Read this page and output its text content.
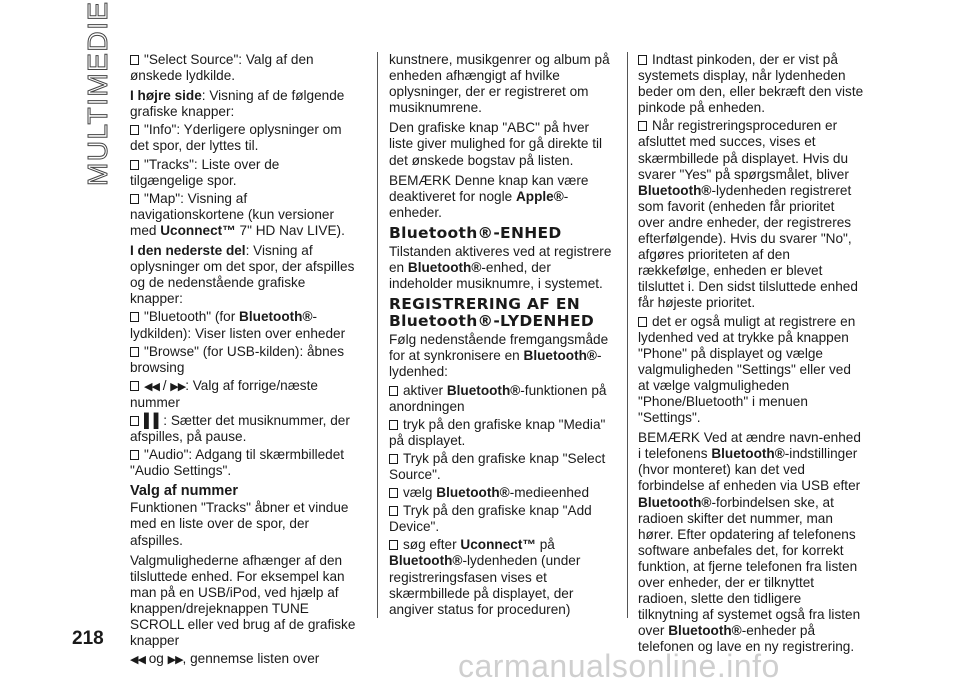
MULTIMEDIE	"Select Source": Valg af den ønskede lydkilde.

I højre side: Visning af de følgende grafiske knapper:

"Info": Yderligere oplysninger om det spor, der lyttes til.

"Tracks": Liste over de tilgængelige spor.

"Map": Visning af navigationskortene (kun versioner med Uconnect™ 7" HD Nav LIVE).

I den nederste del: Visning af oplysninger om det spor, der afspilles og de nedenstående grafiske knapper:

"Bluetooth" (for Bluetooth®-lydkilden): Viser listen over enheder

"Browse" (for USB-kilden): åbnes browsing

◀◀ / ▶▶: Valg af forrige/næste nummer

▌▌: Sætter det musiknummer, der afspilles, på pause.

"Audio": Adgang til skærmbilledet "Audio Settings".

Valg af nummer

Funktionen "Tracks" åbner et vindue med en liste over de spor, der afspilles.

Valgmulighederne afhænger af den tilsluttede enhed. For eksempel kan man på en USB/iPod, ved hjælp af knappen/drejeknappen TUNE SCROLL eller ved brug af de grafiske knapper

◀◀ og ▶▶, gennemse listen over

kunstnere, musikgenrer og album på enheden afhængigt af hvilke oplysninger, der er registreret om musiknumrene.

Den grafiske knap "ABC" på hver liste giver mulighed for gå direkte til det ønskede bogstav på listen.

BEMÆRK Denne knap kan være deaktiveret for nogle Apple®-enheder.

Bluetooth®-ENHED

Tilstanden aktiveres ved at registrere en Bluetooth®-enhed, der indeholder musiknumre, i systemet.

REGISTRERING AF EN Bluetooth®-LYDENHED

Følg nedenstående fremgangsmåde for at synkronisere en Bluetooth®-lydenhed:

aktiver Bluetooth®-funktionen på anordningen

tryk på den grafiske knap "Media" på displayet.

Tryk på den grafiske knap "Select Source".

vælg Bluetooth®-medieenhed

Tryk på den grafiske knap "Add Device".

søg efter Uconnect™ på
Bluetooth®-lydenheden (under registreringsfasen vises et skærmbillede på displayet, der angiver status for proceduren)

Indtast pinkoden, der er vist på systemets display, når lydenheden beder om den, eller bekræft den viste pinkode på enheden.

Når registreringsproceduren er afsluttet med succes, vises et skærmbillede på displayet. Hvis du svarer "Yes" på spørgsmålet, bliver Bluetooth®-lydenheden registreret som favorit (enheden får prioritet over andre enheder, der registreres efterfølgende). Hvis du svarer "No", afgøres prioriteten af den rækkefølge, enheden er blevet tilsluttet i. Den sidst tilsluttede enhed får højeste prioritet.

det er også muligt at registrere en lydenhed ved at trykke på knappen "Phone" på displayet og vælge valgmuligheden "Settings" eller ved at vælge valgmuligheden "Phone/Bluetooth" i menuen "Settings".

BEMÆRK Ved at ændre navn-enhed i telefonens Bluetooth®-indstillinger (hvor monteret) kan det ved forbindelse af enheden via USB efter Bluetooth®-forbindelsen ske, at radioen skifter det nummer, man hører. Efter opdatering af telefonens software anbefales det, for korrekt funktion, at fjerne telefonen fra listen over enheder, der er tilknyttet radioen, slette den tidligere tilknytning af systemet også fra listen over Bluetooth®-enheder på telefonen og lave en ny registrering.

218
carmanualsonline.info
